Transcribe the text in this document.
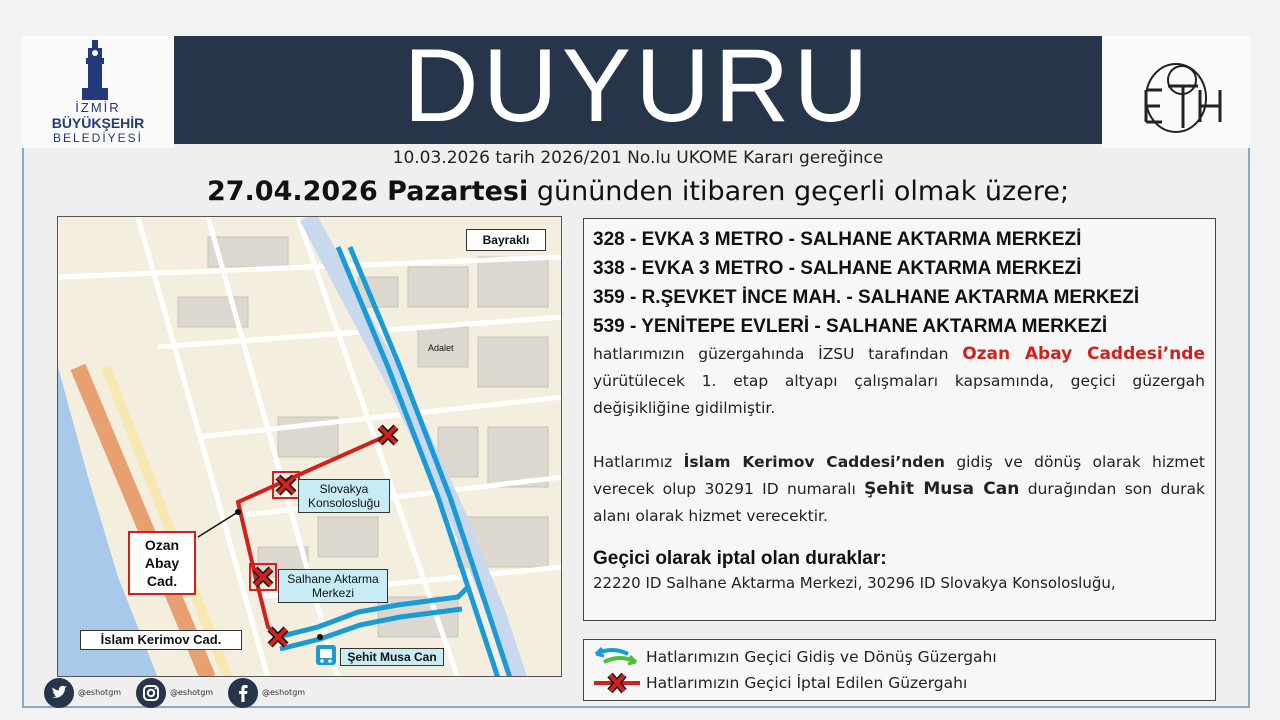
İZMİR
BÜYÜKŞEHİR
BELEDİYESİ	DUYURU
10.03.2026 tarih 2026/201 No.lu UKOME Kararı gereğince
27.04.2026 Pazartesi gününden itibaren geçerli olmak üzere;
Bayraklı
Adalet
Ozan
Abay
Cad.
Slovakya
Konsolosluğu
Salhane Aktarma
Merkezi
İslam Kerimov Cad.
Şehit Musa Can
328 - EVKA 3 METRO - SALHANE AKTARMA MERKEZİ
338 - EVKA 3 METRO - SALHANE AKTARMA MERKEZİ
359 - R.ŞEVKET İNCE MAH. - SALHANE AKTARMA MERKEZİ
539 - YENİTEPE EVLERİ - SALHANE AKTARMA MERKEZİ

hatlarımızın güzergahında İZSU tarafından Ozan Abay Caddesi’nde yürütülecek 1. etap altyapı çalışmaları kapsamında, geçici güzergah değişikliğine gidilmiştir.

Hatlarımız İslam Kerimov Caddesi’nden gidiş ve dönüş olarak hizmet verecek olup 30291 ID numaralı Şehit Musa Can durağından son durak alanı olarak hizmet verecektir.

Geçici olarak iptal olan duraklar:
22220 ID Salhane Aktarma Merkezi, 30296 ID Slovakya Konsolosluğu,
Hatlarımızın Geçici Gidiş ve Dönüş Güzergahı
Hatlarımızın Geçici İptal Edilen Güzergahı
@eshotgm	@eshotgm	@eshotgm
